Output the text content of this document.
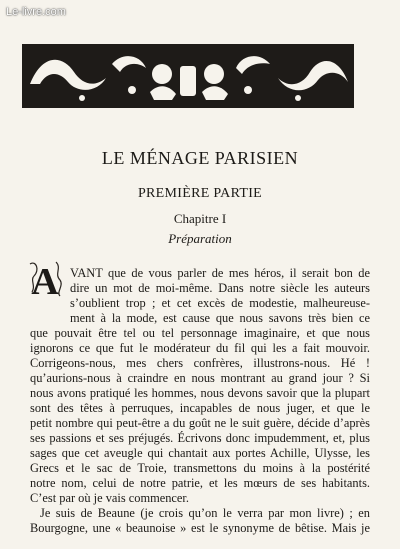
Le-livre.com
LE MÉNAGE PARISIEN
PREMIÈRE PARTIE
Chapitre I
Préparation
A VANT que de vous parler de mes héros, il serait bon de
dire un mot de moi-même. Dans notre siècle les auteurs
s’oublient trop ; et cet excès de modestie, malheureuse-
ment à la mode, est cause que nous savons très bien ce
que pouvait être tel ou tel personnage imaginaire, et que nous
ignorons ce que fut le modérateur du fil qui les a fait mouvoir.
Corrigeons-nous, mes chers confrères, illustrons-nous. Hé !
qu’aurions-nous à craindre en nous montrant au grand jour ? Si
nous avons pratiqué les hommes, nous devons savoir que la plupart
sont des têtes à perruques, incapables de nous juger, et que le
petit nombre qui peut-être a du goût ne le suit guère, décide d’après
ses passions et ses préjugés. Écrivons donc impudemment, et, plus
sages que cet aveugle qui chantait aux portes Achille, Ulysse, les
Grecs et le sac de Troie, transmettons du moins à la postérité
notre nom, celui de notre patrie, et les mœurs de ses habitants.
C’est par où je vais commencer.
Je suis de Beaune (je crois qu’on le verra par mon livre) ; en
Bourgogne, une « beaunoise » est le synonyme de bêtise. Mais je
